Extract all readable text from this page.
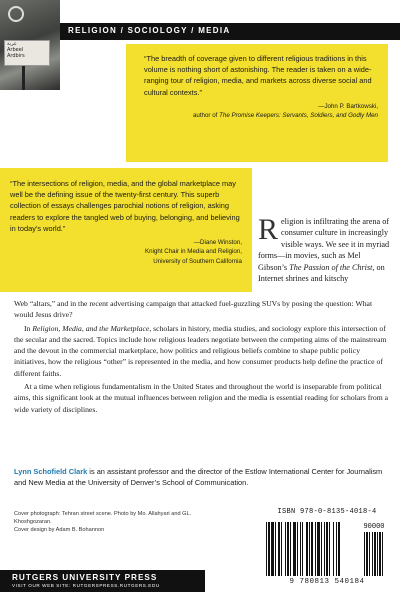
عربة
Arbeel
Ardbirs
RELIGION / SOCIOLOGY / MEDIA

“The breadth of coverage given to different religious traditions in this volume is nothing short of astonishing. The reader is taken on a wide-ranging tour of religion, media, and markets across diverse social and cultural contexts.”

—John P. Bartkowski,
author of The Promise Keepers: Servants, Soldiers, and Godly Men

“The intersections of religion, media, and the global marketplace may well be the defining issue of the twenty-first century. This superb collection of essays challenges parochial notions of religion, asking readers to explore the tangled web of buying, belonging, and believing in today’s world.”

—Diane Winston,
Knight Chair in Media and Religion,
University of Southern California

Religion is infiltrating the arena of consumer culture in increasingly visible ways. We see it in myriad forms—in movies, such as Mel Gibson’s The Passion of the Christ, on Internet shrines and kitschy

Web “altars,” and in the recent advertising campaign that attacked fuel-guzzling SUVs by posing the question: What would Jesus drive?

In Religion, Media, and the Marketplace, scholars in history, media studies, and sociology explore this intersection of the secular and the sacred. Topics include how religious leaders negotiate between the competing aims of the mainstream and the devout in the commercial marketplace, how politics and religious beliefs combine to shape public policy initiatives, how the religious “other” is represented in the media, and how consumer products help define the practice of different faiths.

At a time when religious fundamentalism in the United States and throughout the world is inseparable from political aims, this significant look at the mutual influences between religion and the media is essential reading for scholars from a wide variety of disciplines.

Lynn Schofield Clark is an assistant professor and the director of the Estlow International Center for Journalism and New Media at the University of Denver’s School of Communication.

Cover photograph: Tehran street scene. Photo by Mo. Allahyari and GL. Khoshgozaran.

Cover design by Adam B. Bohannon

ISBN 978-0-8135-4018-4
90000
9 780813 540184
RUTGERS UNIVERSITY PRESS
VISIT OUR WEB SITE: RUTGERSPRESS.RUTGERS.EDU
